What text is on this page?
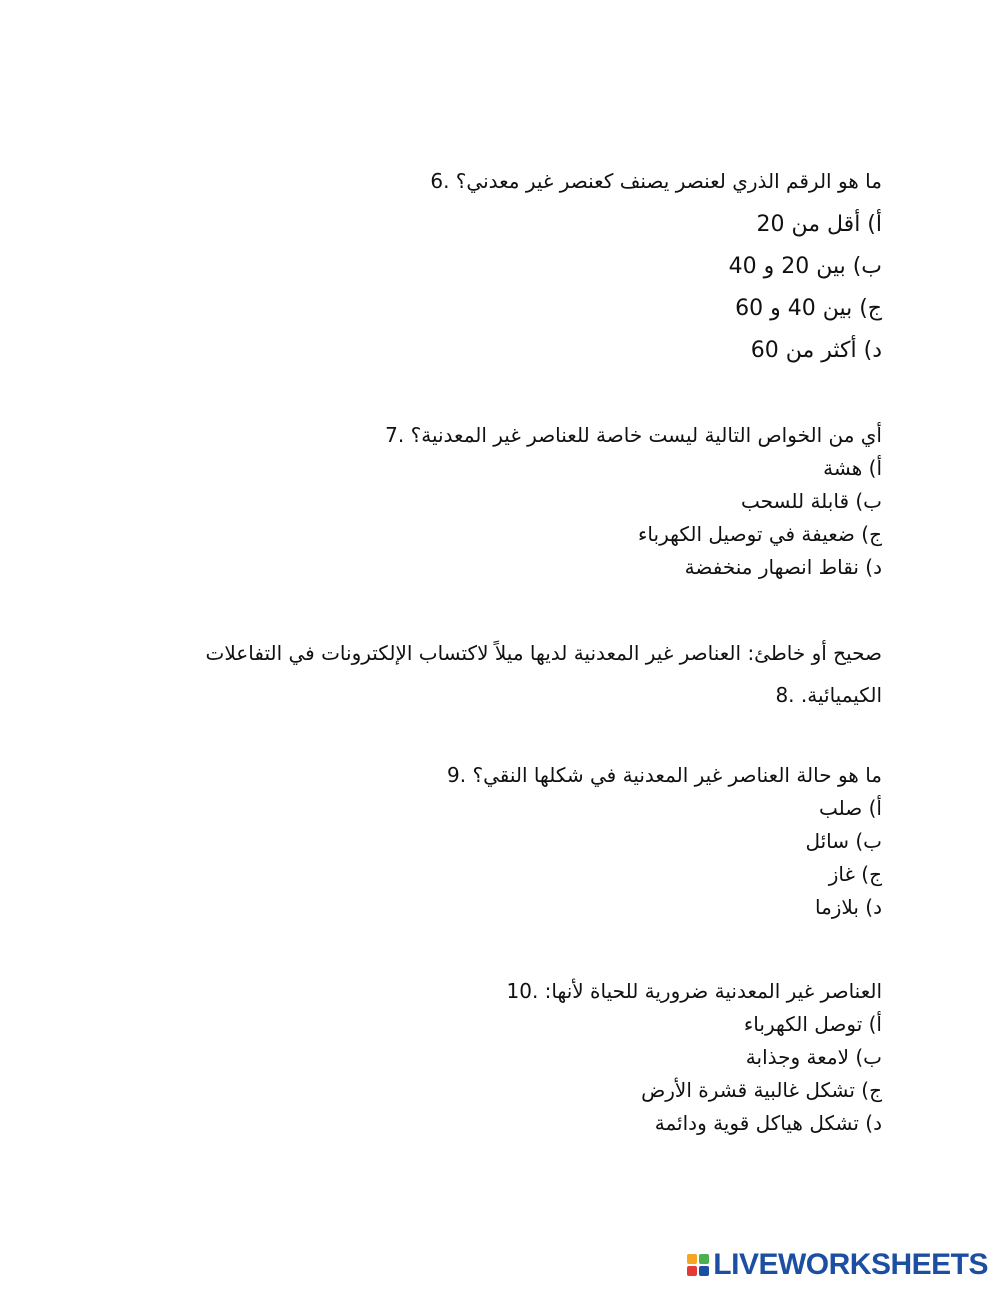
ما هو الرقم الذري لعنصر يصنف كعنصر غير معدني؟ 6.
أ) أقل من 20
ب) بين 20 و 40
ج) بين 40 و 60
د) أكثر من 60
أي من الخواص التالية ليست خاصة للعناصر غير المعدنية؟ 7.
أ) هشة
ب) قابلة للسحب
ج) ضعيفة في توصيل الكهرباء
د) نقاط انصهار منخفضة
صحيح أو خاطئ: العناصر غير المعدنية لديها ميلاً لاكتساب الإلكترونات في التفاعلات الكيميائية. 8.
ما هو حالة العناصر غير المعدنية في شكلها النقي؟ 9.
أ) صلب
ب) سائل
ج) غاز
د) بلازما
العناصر غير المعدنية ضرورية للحياة لأنها: 10.
أ) توصل الكهرباء
ب) لامعة وجذابة
ج) تشكل غالبية قشرة الأرض
د) تشكل هياكل قوية ودائمة
LIVEWORKSHEETS
